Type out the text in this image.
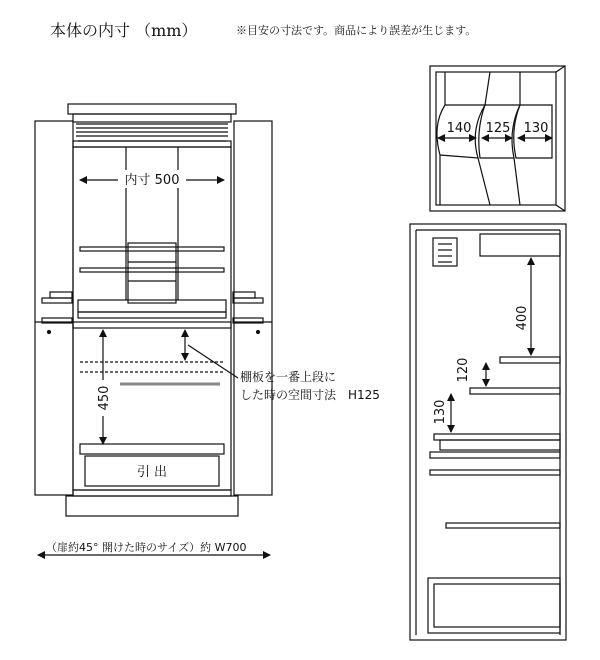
本体の内寸 （mm）	※目安の寸法です。商品により誤差が生じます。
内寸 500
引 出
棚板を一番上段に
した時の空間寸法 H125
450
（扉約45° 開けた時のサイズ）約 W700
140 125 130
400
120
130
